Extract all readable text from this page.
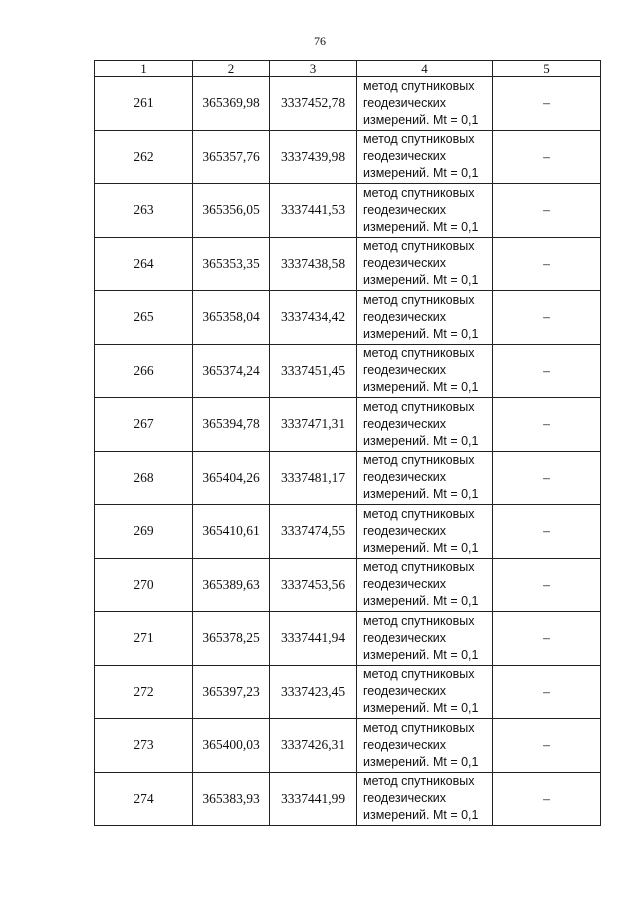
76
1	2	3	4	5
261	365369,98	3337452,78	метод спутниковых
геодезических
измерений. Mt = 0,1	–
262	365357,76	3337439,98	метод спутниковых
геодезических
измерений. Mt = 0,1	–
263	365356,05	3337441,53	метод спутниковых
геодезических
измерений. Mt = 0,1	–
264	365353,35	3337438,58	метод спутниковых
геодезических
измерений. Mt = 0,1	–
265	365358,04	3337434,42	метод спутниковых
геодезических
измерений. Mt = 0,1	–
266	365374,24	3337451,45	метод спутниковых
геодезических
измерений. Mt = 0,1	–
267	365394,78	3337471,31	метод спутниковых
геодезических
измерений. Mt = 0,1	–
268	365404,26	3337481,17	метод спутниковых
геодезических
измерений. Mt = 0,1	–
269	365410,61	3337474,55	метод спутниковых
геодезических
измерений. Mt = 0,1	–
270	365389,63	3337453,56	метод спутниковых
геодезических
измерений. Mt = 0,1	–
271	365378,25	3337441,94	метод спутниковых
геодезических
измерений. Mt = 0,1	–
272	365397,23	3337423,45	метод спутниковых
геодезических
измерений. Mt = 0,1	–
273	365400,03	3337426,31	метод спутниковых
геодезических
измерений. Mt = 0,1	–
274	365383,93	3337441,99	метод спутниковых
геодезических
измерений. Mt = 0,1	–
